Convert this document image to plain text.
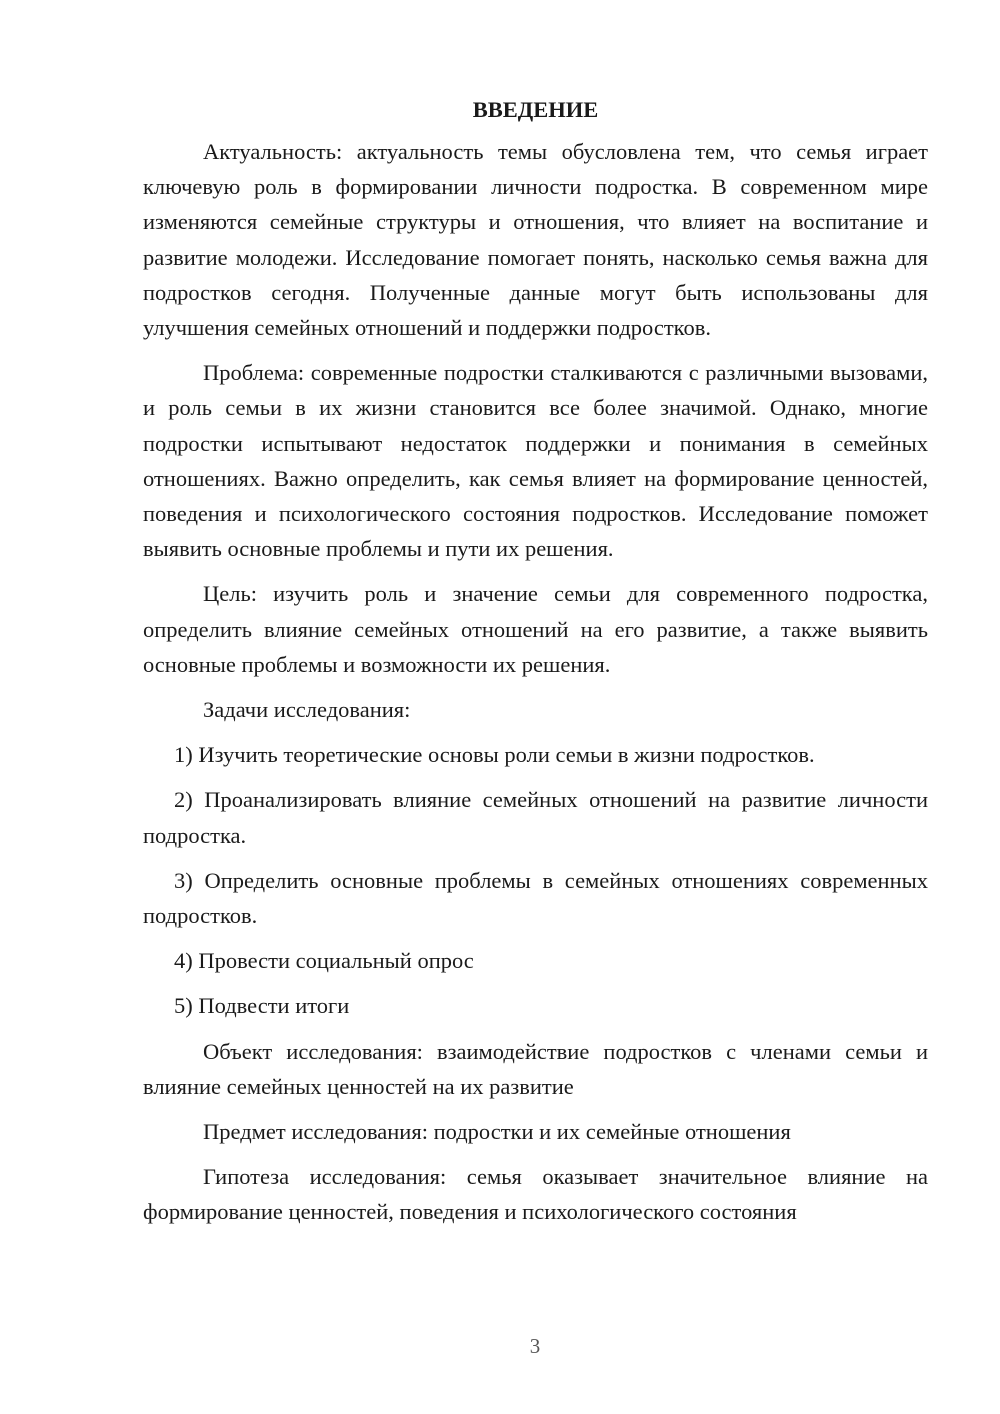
ВВЕДЕНИЕ

Актуальность: актуальность темы обусловлена тем, что семья играет ключевую роль в формировании личности подростка. В современном мире изменяются семейные структуры и отношения, что влияет на воспитание и развитие молодежи. Исследование помогает понять, насколько семья важна для подростков сегодня. Полученные данные могут быть использованы для улучшения семейных отношений и поддержки подростков.

Проблема: современные подростки сталкиваются с различными вызовами, и роль семьи в их жизни становится все более значимой. Однако, многие подростки испытывают недостаток поддержки и понимания в семейных отношениях. Важно определить, как семья влияет на формирование ценностей, поведения и психологического состояния подростков. Исследование поможет выявить основные проблемы и пути их решения.

Цель: изучить роль и значение семьи для современного подростка, определить влияние семейных отношений на его развитие, а также выявить основные проблемы и возможности их решения.

Задачи исследования:

1) Изучить теоретические основы роли семьи в жизни подростков.

2) Проанализировать влияние семейных отношений на развитие личности подростка.

3) Определить основные проблемы в семейных отношениях современных подростков.

4) Провести социальный опрос

5) Подвести итоги

Объект исследования: взаимодействие подростков с членами семьи и влияние семейных ценностей на их развитие

Предмет исследования: подростки и их семейные отношения

Гипотеза исследования: семья оказывает значительное влияние на формирование ценностей, поведения и психологического состояния

3
